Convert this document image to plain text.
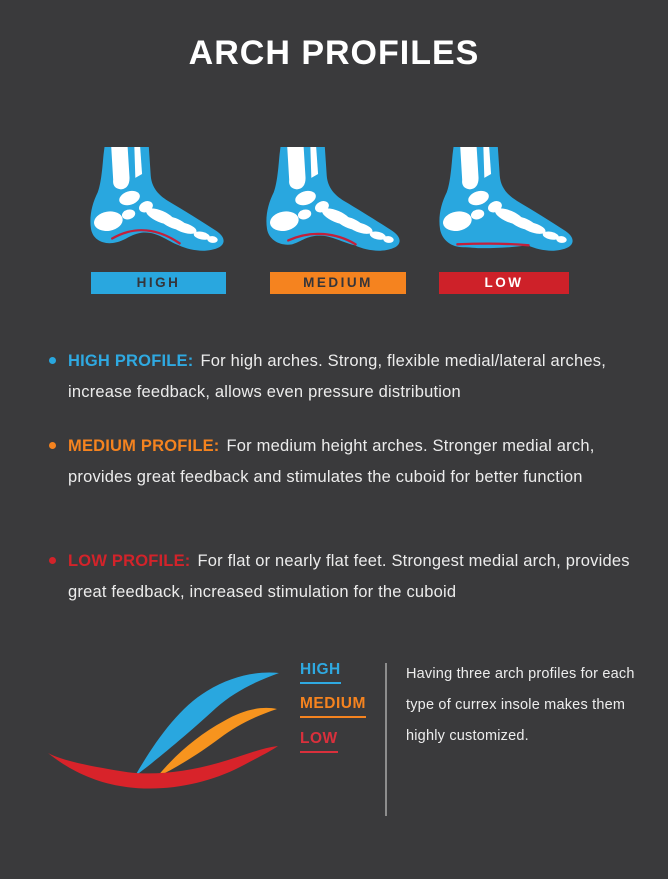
ARCH PROFILES
HIGH	MEDIUM	LOW

HIGH PROFILE: For high arches. Strong, flexible medial/lateral arches, increase feedback, allows even pressure distribution

MEDIUM PROFILE: For medium height arches. Stronger medial arch, provides great feedback and stimulates the cuboid for better function

LOW PROFILE: For flat or nearly flat feet. Strongest medial arch, provides great feedback, increased stimulation for the cuboid

HIGH
MEDIUM
LOW

Having three arch profiles for each type of currex insole makes them highly customized.
